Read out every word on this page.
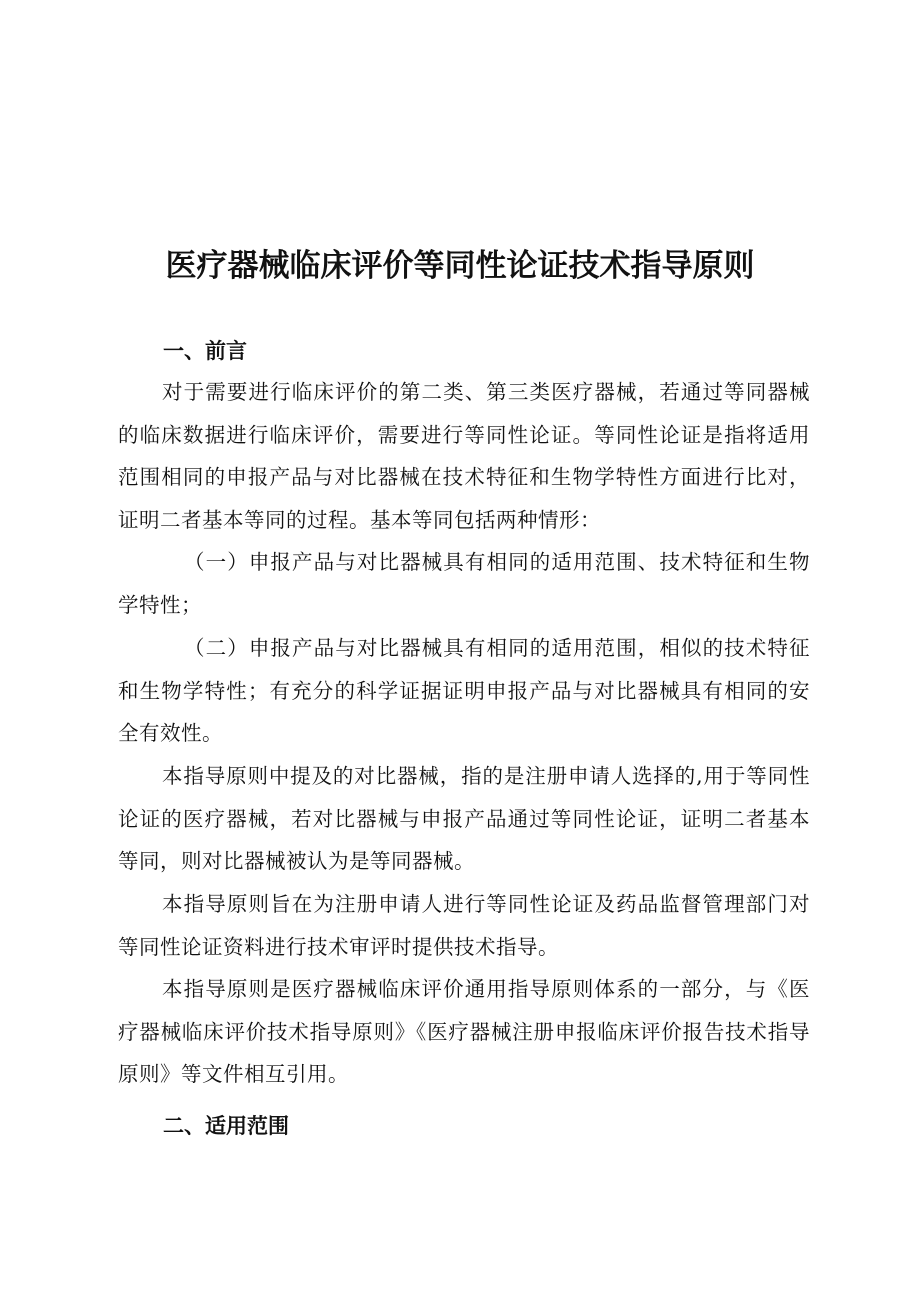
医疗器械临床评价等同性论证技术指导原则
一、前言

对于需要进行临床评价的第二类、第三类医疗器械，若通过等同器械的临床数据进行临床评价，需要进行等同性论证。等同性论证是指将适用范围相同的申报产品与对比器械在技术特征和生物学特性方面进行比对，证明二者基本等同的过程。基本等同包括两种情形：

（一）申报产品与对比器械具有相同的适用范围、技术特征和生物学特性；

（二）申报产品与对比器械具有相同的适用范围，相似的技术特征和生物学特性；有充分的科学证据证明申报产品与对比器械具有相同的安全有效性。

本指导原则中提及的对比器械，指的是注册申请人选择的,用于等同性论证的医疗器械，若对比器械与申报产品通过等同性论证，证明二者基本等同，则对比器械被认为是等同器械。

本指导原则旨在为注册申请人进行等同性论证及药品监督管理部门对等同性论证资料进行技术审评时提供技术指导。

本指导原则是医疗器械临床评价通用指导原则体系的一部分，与《医疗器械临床评价技术指导原则》《医疗器械注册申报临床评价报告技术指导原则》等文件相互引用。

二、适用范围
